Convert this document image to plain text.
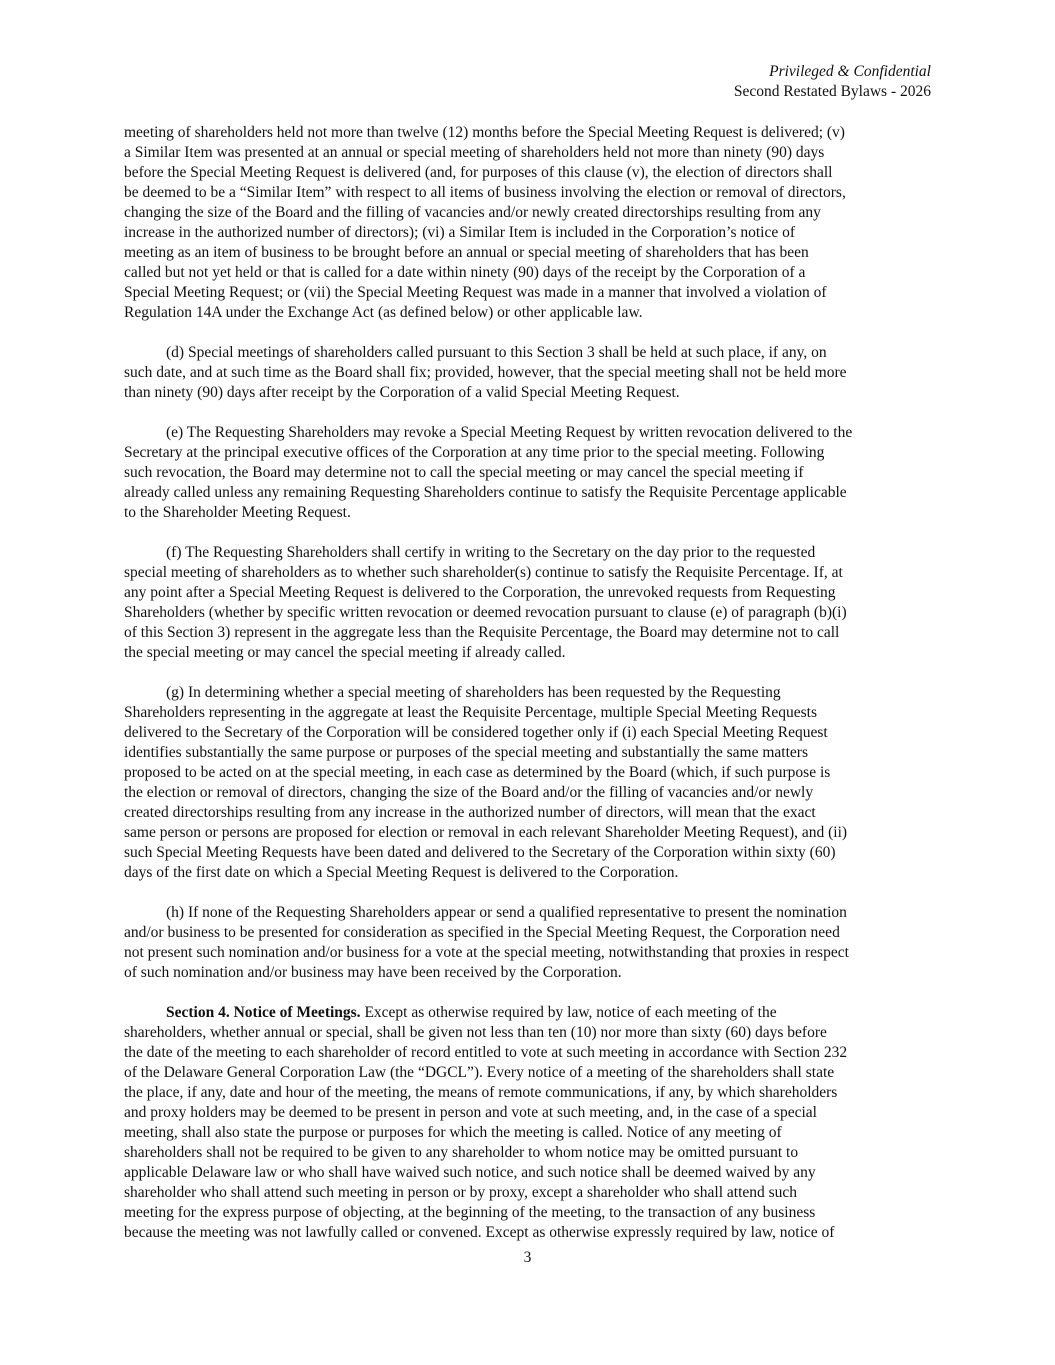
Privileged & Confidential
Second Restated Bylaws - 2026
meeting of shareholders held not more than twelve (12) months before the Special Meeting Request is delivered; (v)
a Similar Item was presented at an annual or special meeting of shareholders held not more than ninety (90) days
before the Special Meeting Request is delivered (and, for purposes of this clause (v), the election of directors shall
be deemed to be a “Similar Item” with respect to all items of business involving the election or removal of directors,
changing the size of the Board and the filling of vacancies and/or newly created directorships resulting from any
increase in the authorized number of directors); (vi) a Similar Item is included in the Corporation’s notice of
meeting as an item of business to be brought before an annual or special meeting of shareholders that has been
called but not yet held or that is called for a date within ninety (90) days of the receipt by the Corporation of a
Special Meeting Request; or (vii) the Special Meeting Request was made in a manner that involved a violation of
Regulation 14A under the Exchange Act (as defined below) or other applicable law.
(d) Special meetings of shareholders called pursuant to this Section 3 shall be held at such place, if any, on
such date, and at such time as the Board shall fix; provided, however, that the special meeting shall not be held more
than ninety (90) days after receipt by the Corporation of a valid Special Meeting Request.
(e) The Requesting Shareholders may revoke a Special Meeting Request by written revocation delivered to the
Secretary at the principal executive offices of the Corporation at any time prior to the special meeting. Following
such revocation, the Board may determine not to call the special meeting or may cancel the special meeting if
already called unless any remaining Requesting Shareholders continue to satisfy the Requisite Percentage applicable
to the Shareholder Meeting Request.
(f) The Requesting Shareholders shall certify in writing to the Secretary on the day prior to the requested
special meeting of shareholders as to whether such shareholder(s) continue to satisfy the Requisite Percentage. If, at
any point after a Special Meeting Request is delivered to the Corporation, the unrevoked requests from Requesting
Shareholders (whether by specific written revocation or deemed revocation pursuant to clause (e) of paragraph (b)(i)
of this Section 3) represent in the aggregate less than the Requisite Percentage, the Board may determine not to call
the special meeting or may cancel the special meeting if already called.
(g) In determining whether a special meeting of shareholders has been requested by the Requesting
Shareholders representing in the aggregate at least the Requisite Percentage, multiple Special Meeting Requests
delivered to the Secretary of the Corporation will be considered together only if (i) each Special Meeting Request
identifies substantially the same purpose or purposes of the special meeting and substantially the same matters
proposed to be acted on at the special meeting, in each case as determined by the Board (which, if such purpose is
the election or removal of directors, changing the size of the Board and/or the filling of vacancies and/or newly
created directorships resulting from any increase in the authorized number of directors, will mean that the exact
same person or persons are proposed for election or removal in each relevant Shareholder Meeting Request), and (ii)
such Special Meeting Requests have been dated and delivered to the Secretary of the Corporation within sixty (60)
days of the first date on which a Special Meeting Request is delivered to the Corporation.
(h) If none of the Requesting Shareholders appear or send a qualified representative to present the nomination
and/or business to be presented for consideration as specified in the Special Meeting Request, the Corporation need
not present such nomination and/or business for a vote at the special meeting, notwithstanding that proxies in respect
of such nomination and/or business may have been received by the Corporation.
Section 4. Notice of Meetings. Except as otherwise required by law, notice of each meeting of the
shareholders, whether annual or special, shall be given not less than ten (10) nor more than sixty (60) days before
the date of the meeting to each shareholder of record entitled to vote at such meeting in accordance with Section 232
of the Delaware General Corporation Law (the “DGCL”). Every notice of a meeting of the shareholders shall state
the place, if any, date and hour of the meeting, the means of remote communications, if any, by which shareholders
and proxy holders may be deemed to be present in person and vote at such meeting, and, in the case of a special
meeting, shall also state the purpose or purposes for which the meeting is called. Notice of any meeting of
shareholders shall not be required to be given to any shareholder to whom notice may be omitted pursuant to
applicable Delaware law or who shall have waived such notice, and such notice shall be deemed waived by any
shareholder who shall attend such meeting in person or by proxy, except a shareholder who shall attend such
meeting for the express purpose of objecting, at the beginning of the meeting, to the transaction of any business
because the meeting was not lawfully called or convened. Except as otherwise expressly required by law, notice of
3
